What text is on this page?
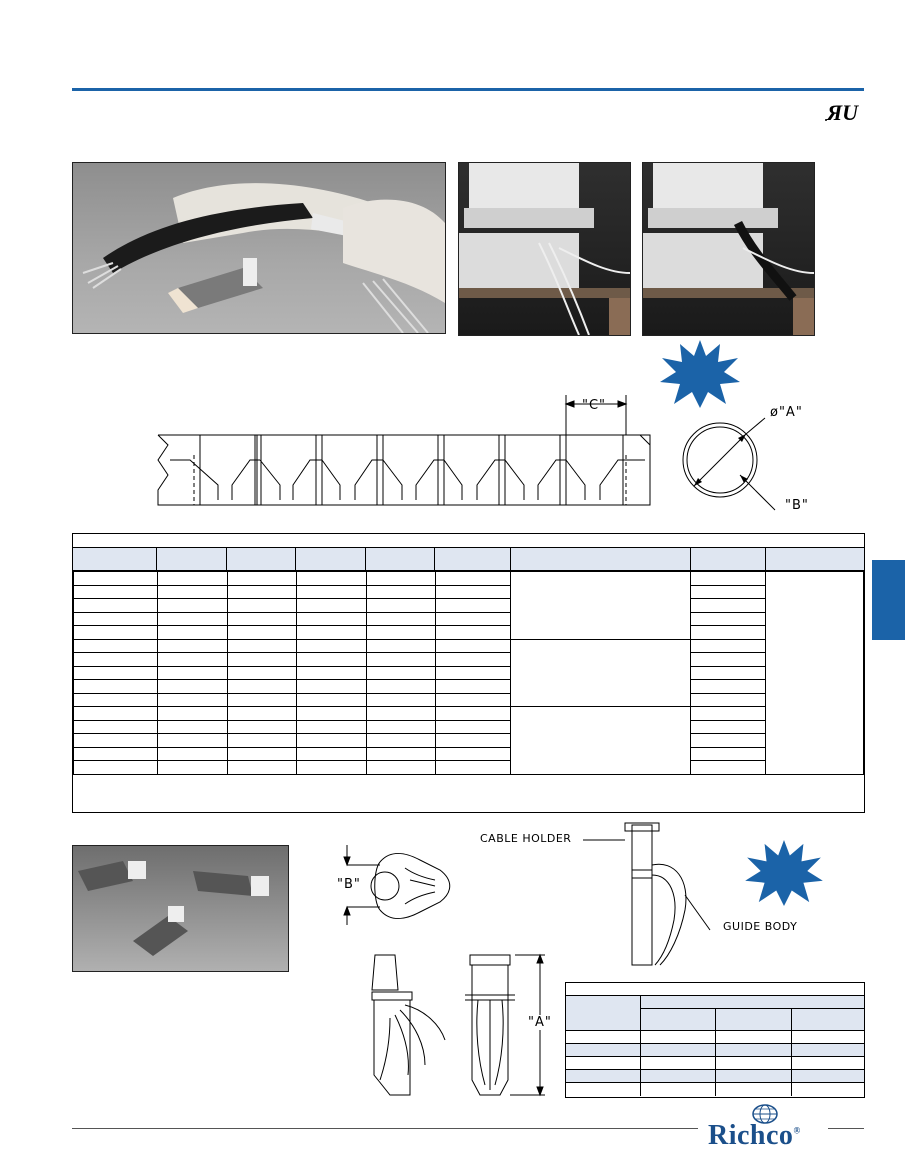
ЯU
"C"	ø"A"
"B"

"B"
CABLE HOLDER
GUIDE BODY
"A"
Richco®
